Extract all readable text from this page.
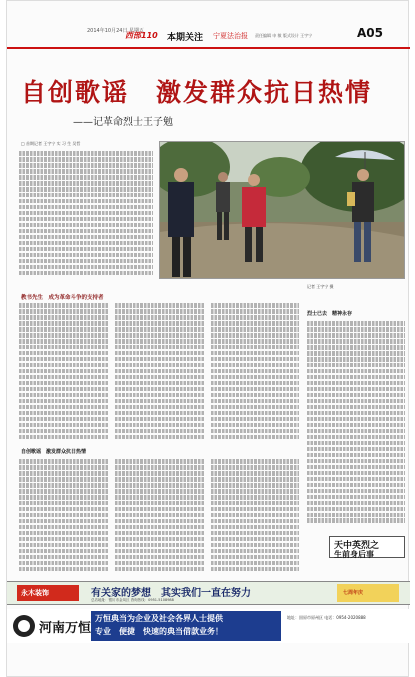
2014年10月24日 星期五
西部110 本期关注 宁夏法治报 责任编辑 申 敏 版式设计 王宇宁	A05
自创歌谣　激发群众抗日热情
——记革命烈士王子勉
□ 首期记者 王宇宁 实 习 生 吴哲
记者 王宇宁 摄
教书先生　成为革命斗争的支持者
烈士已去　精神永存
自创歌谣　激发群众抗日热情
天中英烈之
生前身后事
永木装饰	有关家的梦想　其实我们一直在努力
总店地址：银川市金凤区 咨询热线：0951-5108988
七周年庆
河南万恒
万恒典当为企业及社会各界人士提供
专业　便捷　快速的典当借款业务！
地址：固原市原州区 电话：0954-2020888
